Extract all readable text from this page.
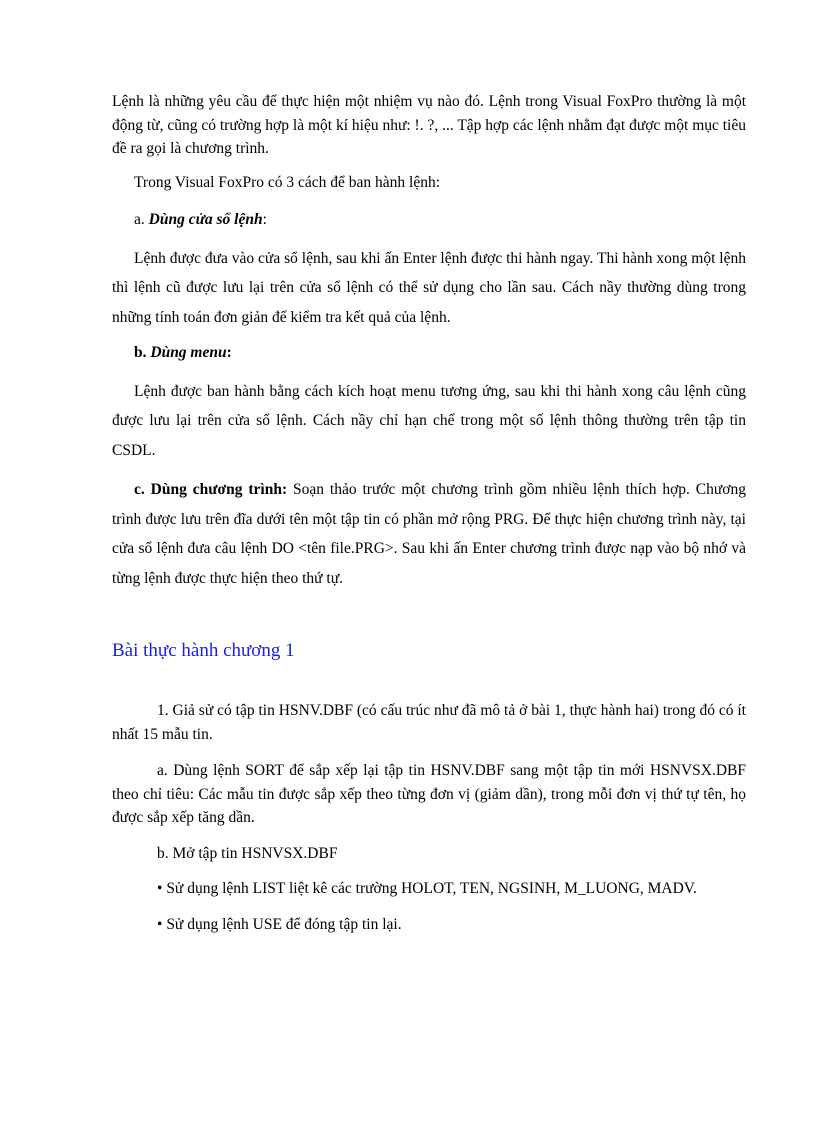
Lệnh là những yêu cầu để thực hiện một nhiệm vụ nào đó. Lệnh trong Visual FoxPro thường là một động từ, cũng có trường hợp là một kí hiệu như: !. ?, ... Tập hợp các lệnh nhằm đạt được một mục tiêu đề ra gọi là chương trình.

Trong Visual FoxPro có 3 cách để ban hành lệnh:

a. Dùng cửa sổ lệnh:

Lệnh được đưa vào cửa sổ lệnh, sau khi ấn Enter lệnh được thi hành ngay. Thi hành xong một lệnh thì lệnh cũ được lưu lại trên cửa sổ lệnh có thể sử dụng cho lần sau. Cách nầy thường dùng trong những tính toán đơn giản để kiểm tra kết quả của lệnh.

b. Dùng menu:

Lệnh được ban hành bằng cách kích hoạt menu tương ứng, sau khi thi hành xong câu lệnh cũng được lưu lại trên cửa sổ lệnh. Cách nầy chỉ hạn chế trong một số lệnh thông thường trên tập tin CSDL.

c. Dùng chương trình: Soạn thảo trước một chương trình gồm nhiều lệnh thích hợp. Chương trình được lưu trên đĩa dưới tên một tập tin có phần mở rộng PRG. Để thực hiện chương trình này, tại cửa sổ lệnh đưa câu lệnh DO <tên file.PRG>. Sau khi ấn Enter chương trình được nạp vào bộ nhớ và từng lệnh được thực hiện theo thứ tự.

Bài thực hành chương 1

1. Giả sử có tập tin HSNV.DBF (có cấu trúc như đã mô tả ở bài 1, thực hành hai) trong đó có ít nhất 15 mẫu tin.

a. Dùng lệnh SORT để sắp xếp lại tập tin HSNV.DBF sang một tập tin mới HSNVSX.DBF theo chỉ tiêu: Các mẫu tin được sắp xếp theo từng đơn vị (giảm dần), trong mỗi đơn vị thứ tự tên, họ được sắp xếp tăng dần.

b. Mở tập tin HSNVSX.DBF

• Sử dụng lệnh LIST liệt kê các trường HOLOT, TEN, NGSINH, M_LUONG, MADV.

• Sử dụng lệnh USE để đóng tập tin lại.
